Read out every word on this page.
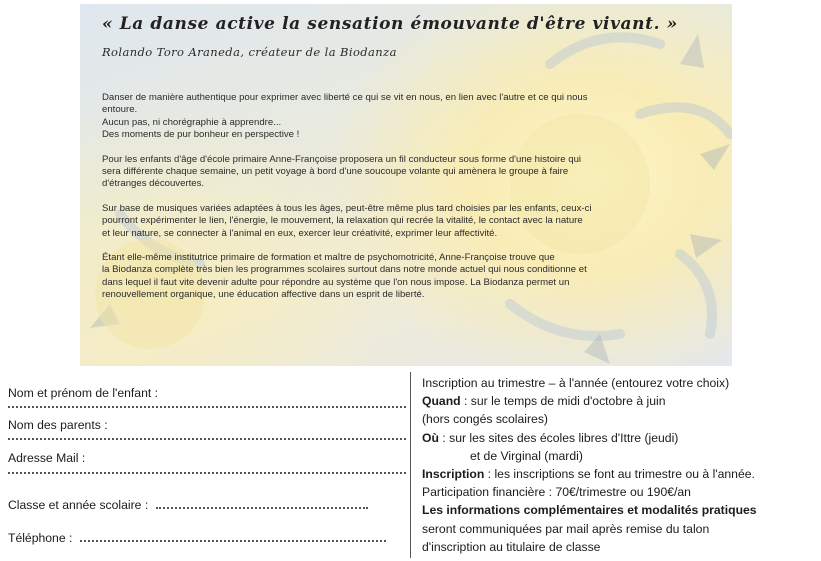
« La danse active la sensation émouvante d'être vivant. »
Rolando Toro Araneda, créateur de la Biodanza

Danser de manière authentique pour exprimer avec liberté ce qui se vit en nous, en lien avec l'autre et ce qui nous
entoure.
Aucun pas, ni chorégraphie à apprendre...
Des moments de pur bonheur en perspective !

Pour les enfants d'âge d'école primaire Anne-Françoise proposera un fil conducteur sous forme d'une histoire qui
sera différente chaque semaine, un petit voyage à bord d'une soucoupe volante qui amènera le groupe à faire
d'étranges découvertes.

Sur base de musiques variées adaptées à tous les âges, peut-être même plus tard choisies par les enfants, ceux-ci
pourront expérimenter le lien, l'énergie, le mouvement, la relaxation qui recrée la vitalité, le contact avec la nature
et leur nature, se connecter à l'animal en eux, exercer leur créativité, exprimer leur affectivité.

Étant elle-même institutrice primaire de formation et maître de psychomotricité, Anne-Françoise trouve que
la Biodanza complète très bien les programmes scolaires surtout dans notre monde actuel qui nous conditionne et
dans lequel il faut vite devenir adulte pour répondre au système que l'on nous impose. La Biodanza permet un
renouvellement organique, une éducation affective dans un esprit de liberté.

Nom et prénom de l'enfant :
Nom des parents :
Adresse Mail :
Classe et année scolaire :
Téléphone :
Inscription au trimestre – à l'année (entourez votre choix)
Quand : sur le temps de midi d'octobre à juin
(hors congés scolaires)
Où : sur les sites des écoles libres d'Ittre (jeudi)
et de Virginal (mardi)
Inscription : les inscriptions se font au trimestre ou à l'année.
Participation financière : 70€/trimestre ou 190€/an
Les informations complémentaires et modalités pratiques
seront communiquées par mail après remise du talon
d'inscription au titulaire de classe
